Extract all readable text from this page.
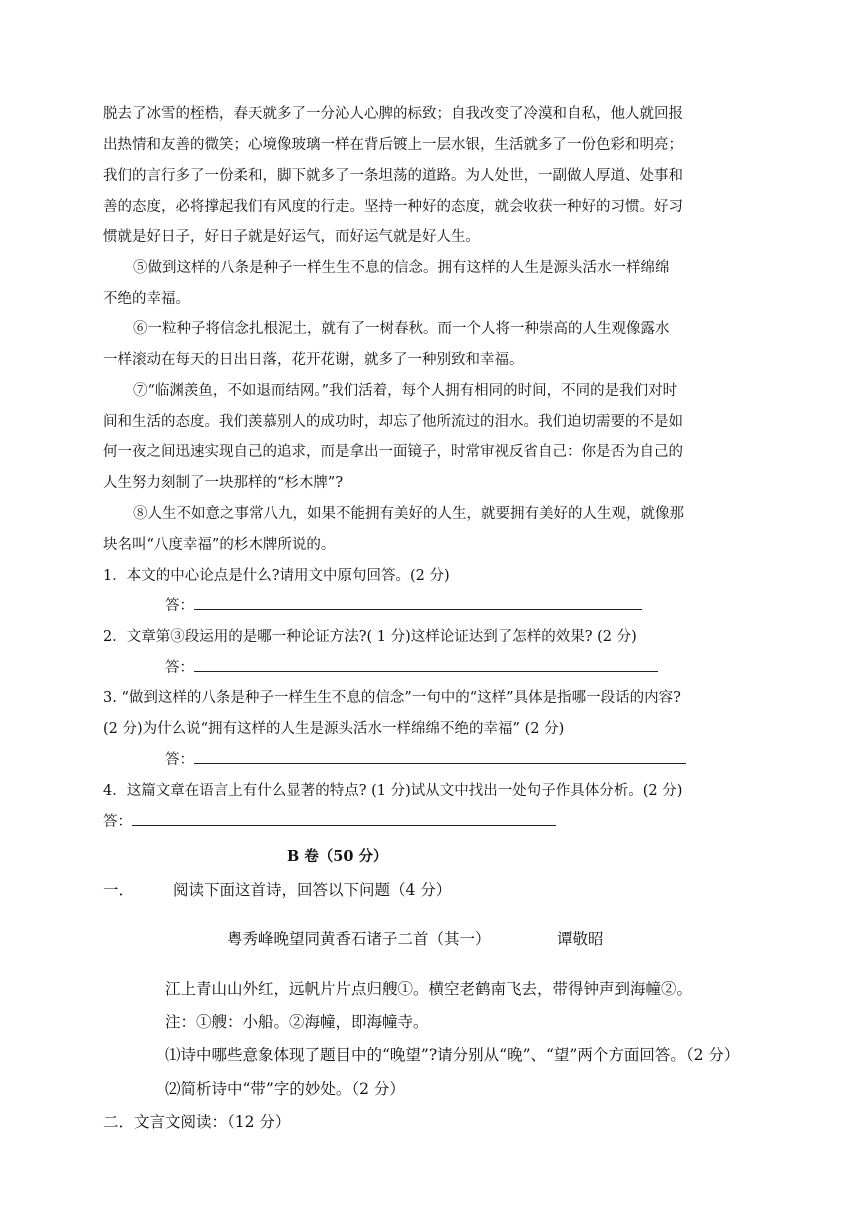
脱去了冰雪的桎梏，春天就多了一分沁人心脾的标致；自我改变了冷漠和自私，他人就回报
出热情和友善的微笑；心境像玻璃一样在背后镀上一层水银，生活就多了一份色彩和明亮；
我们的言行多了一份柔和，脚下就多了一条坦荡的道路。为人处世，一副做人厚道、处事和
善的态度，必将撑起我们有风度的行走。坚持一种好的态度，就会收获一种好的习惯。好习
惯就是好日子，好日子就是好运气，而好运气就是好人生。
⑤做到这样的八条是种子一样生生不息的信念。拥有这样的人生是源头活水一样绵绵
不绝的幸福。
⑥一粒种子将信念扎根泥土，就有了一树春秋。而一个人将一种崇高的人生观像露水
一样滚动在每天的日出日落，花开花谢，就多了一种别致和幸福。
⑦“临渊羡鱼，不如退而结网。”我们活着，每个人拥有相同的时间，不同的是我们对时
间和生活的态度。我们羡慕别人的成功时，却忘了他所流过的泪水。我们迫切需要的不是如
何一夜之间迅速实现自己的追求，而是拿出一面镜子，时常审视反省自己：你是否为自己的
人生努力刻制了一块那样的“杉木牌”?
⑧人生不如意之事常八九，如果不能拥有美好的人生，就要拥有美好的人生观，就像那
块名叫“八度幸福”的杉木牌所说的。
1．本文的中心论点是什么?请用文中原句回答。(2 分)
答：
2．文章第③段运用的是哪一种论证方法?( 1 分)这样论证达到了怎样的效果? (2 分)
答：
3. “做到这样的八条是种子一样生生不息的信念”一句中的“这样”具体是指哪一段话的内容?
(2 分)为什么说“拥有这样的人生是源头活水一样绵绵不绝的幸福” (2 分)
答：
4．这篇文章在语言上有什么显著的特点? (1 分)试从文中找出一处句子作具体分析。(2 分)
答：
B 卷（50 分）
一．	阅读下面这首诗，回答以下问题（4 分）
粤秀峰晚望同黄香石诸子二首（其一）	谭敬昭
江上青山山外红，远帆片片点归艘①。横空老鹤南飞去，带得钟声到海幢②。
注：①艘：小船。②海幢，即海幢寺。
⑴诗中哪些意象体现了题目中的“晚望”?请分别从“晚”、“望”两个方面回答。（2 分）
⑵简析诗中“带”字的妙处。（2 分）
二．文言文阅读：（12 分）
